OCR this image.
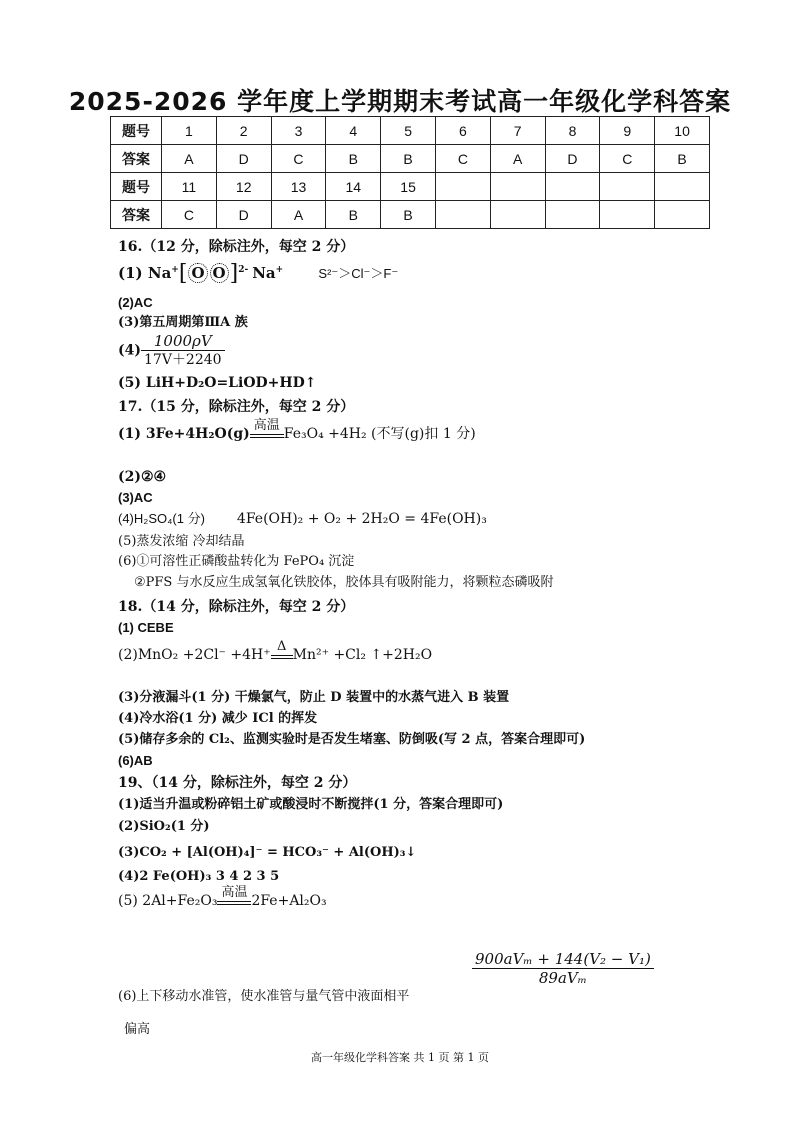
2025-2026 学年度上学期期末考试高一年级化学科答案
题号	1	2	3	4	5	6	7	8	9	10
答案	A	D	C	B	B	C	A	D	C	B
题号	11	12	13	14	15					
答案	C	D	A	B	B					
16.（12 分，除标注外，每空 2 分）
(1) Na+[ O O ]$^{2-}$ Na+	S²⁻＞Cl⁻＞F⁻
(2)AC
(3)第五周期第ⅢA 族
$(4) \frac{1000\rho V}{17V+2240}$
(5) LiH+D₂O=LiOD+HD↑
17.（15 分，除标注外，每空 2 分）
(1) 3Fe+4H₂O(g)
高温
Fe₃O₄ +4H₂ (不写(g)扣 1 分)
(2)②④
(3)AC
(4)H₂SO₄(1 分) 4Fe(OH)₂ + O₂ + 2H₂O = 4Fe(OH)₃
(5)蒸发浓缩 冷却结晶
(6)①可溶性正磷酸盐转化为 FePO₄ 沉淀
②PFS 与水反应生成氢氧化铁胶体，胶体具有吸附能力，将颗粒态磷吸附
18.（14 分，除标注外，每空 2 分）
(1) CEBE
(2)MnO₂ +2Cl⁻ +4H⁺
Δ
Mn²⁺ +Cl₂ ↑+2H₂O
(3)分液漏斗(1 分) 干燥氯气，防止 D 装置中的水蒸气进入 B 装置
(4)冷水浴(1 分) 减少 ICl 的挥发
(5)储存多余的 Cl₂、监测实验时是否发生堵塞、防倒吸(写 2 点，答案合理即可)
(6)AB
19、（14 分，除标注外，每空 2 分）
(1)适当升温或粉碎铝土矿或酸浸时不断搅拌(1 分，答案合理即可)
(2)SiO₂(1 分)
(3)CO₂ + [Al(OH)₄]⁻ = HCO₃⁻ + Al(OH)₃↓
(4)2 Fe(OH)₃ 3 4 2 3 5
(5) 2Al+Fe₂O₃
高温
2Fe+Al₂O₃
$\frac{\text{900aVₘ + 144(V₂ − V₁)}}{\text{89aVₘ}}$
(6)上下移动水准管，使水准管与量气管中液面相平
偏高
高一年级化学科答案 共 1 页 第 1 页
